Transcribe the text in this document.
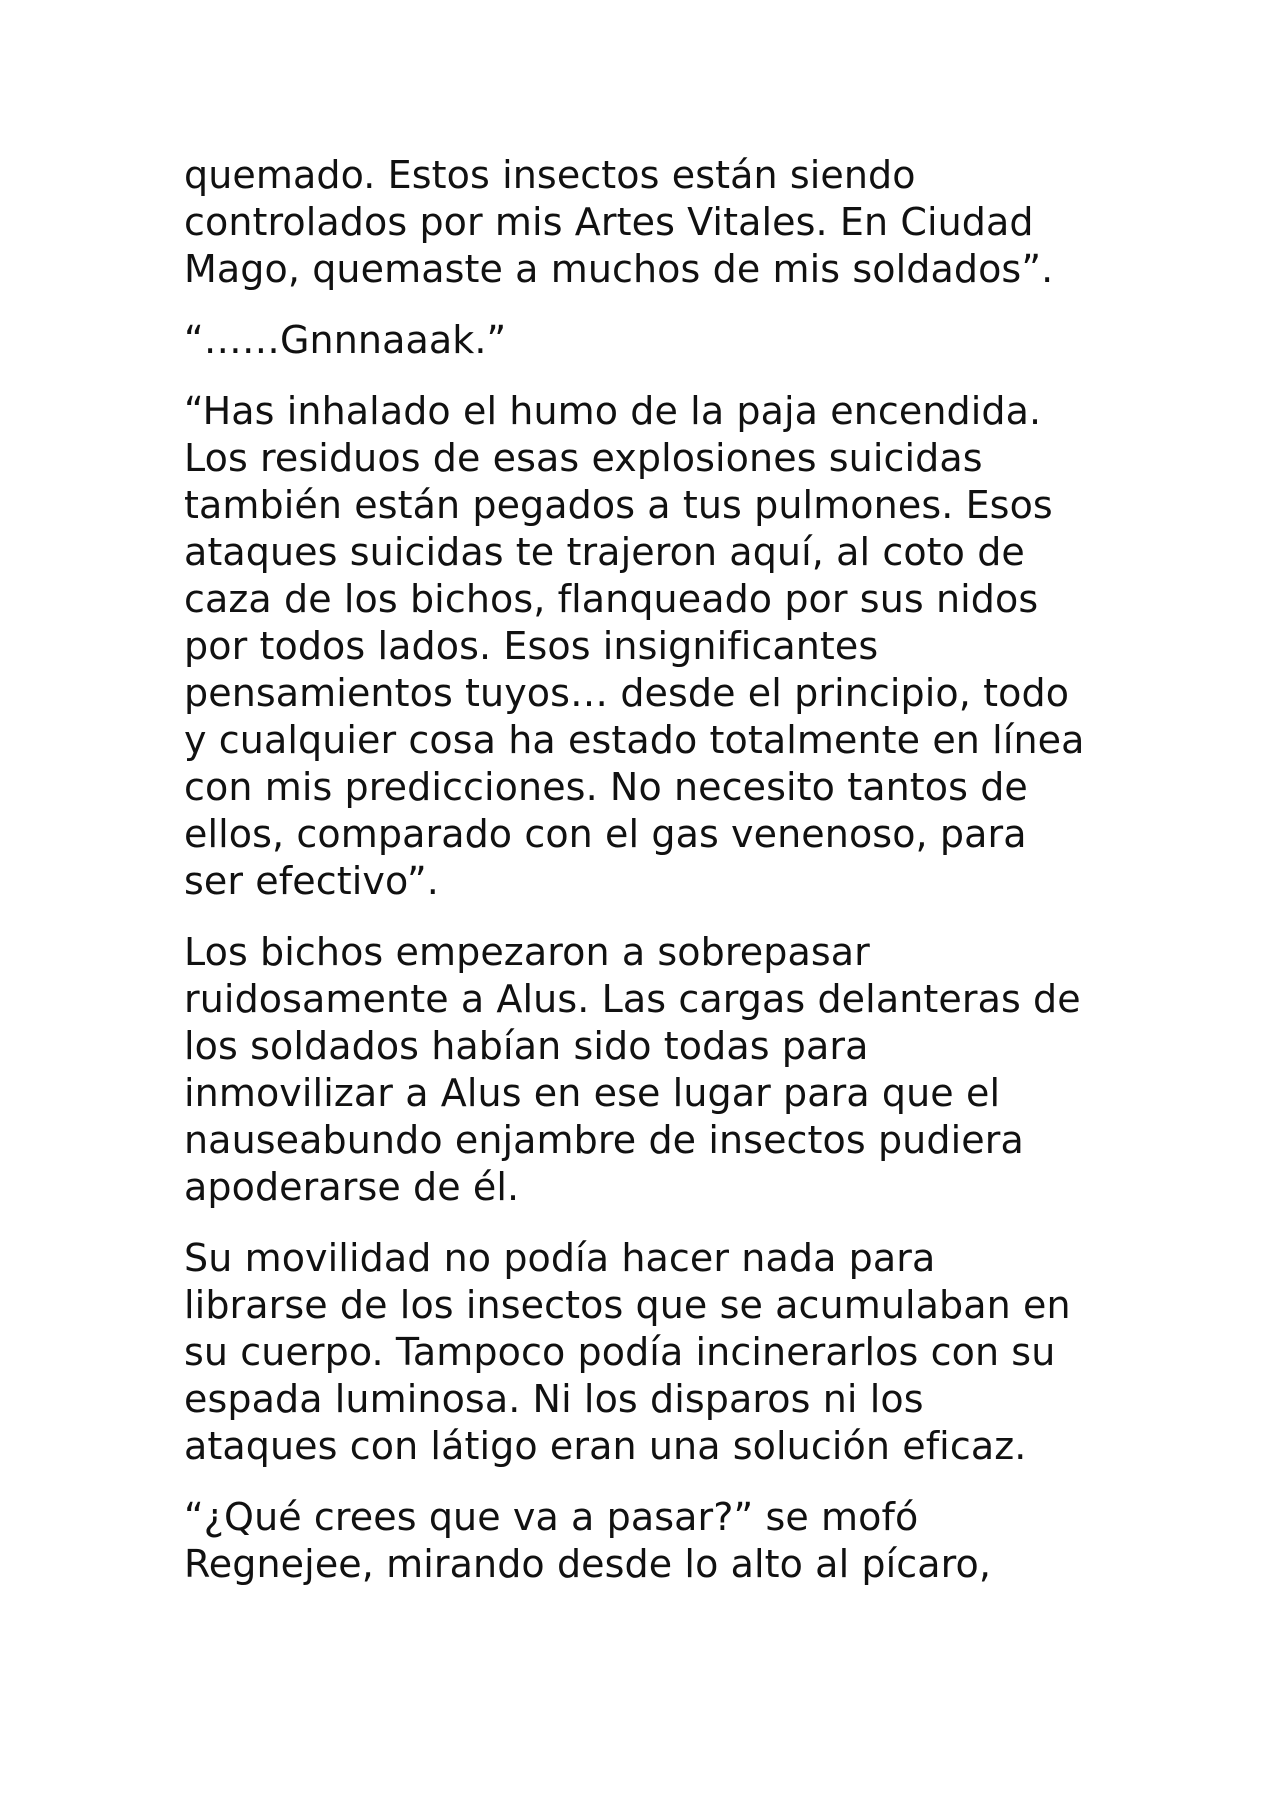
quemado. Estos insectos están siendo
controlados por mis Artes Vitales. En Ciudad
Mago, quemaste a muchos de mis soldados”.

“……Gnnnaaak.”

“Has inhalado el humo de la paja encendida.
Los residuos de esas explosiones suicidas
también están pegados a tus pulmones. Esos
ataques suicidas te trajeron aquí, al coto de
caza de los bichos, flanqueado por sus nidos
por todos lados. Esos insignificantes
pensamientos tuyos… desde el principio, todo
y cualquier cosa ha estado totalmente en línea
con mis predicciones. No necesito tantos de
ellos, comparado con el gas venenoso, para
ser efectivo”.

Los bichos empezaron a sobrepasar
ruidosamente a Alus. Las cargas delanteras de
los soldados habían sido todas para
inmovilizar a Alus en ese lugar para que el
nauseabundo enjambre de insectos pudiera
apoderarse de él.

Su movilidad no podía hacer nada para
librarse de los insectos que se acumulaban en
su cuerpo. Tampoco podía incinerarlos con su
espada luminosa. Ni los disparos ni los
ataques con látigo eran una solución eficaz.

“¿Qué crees que va a pasar?” se mofó
Regnejee, mirando desde lo alto al pícaro,
